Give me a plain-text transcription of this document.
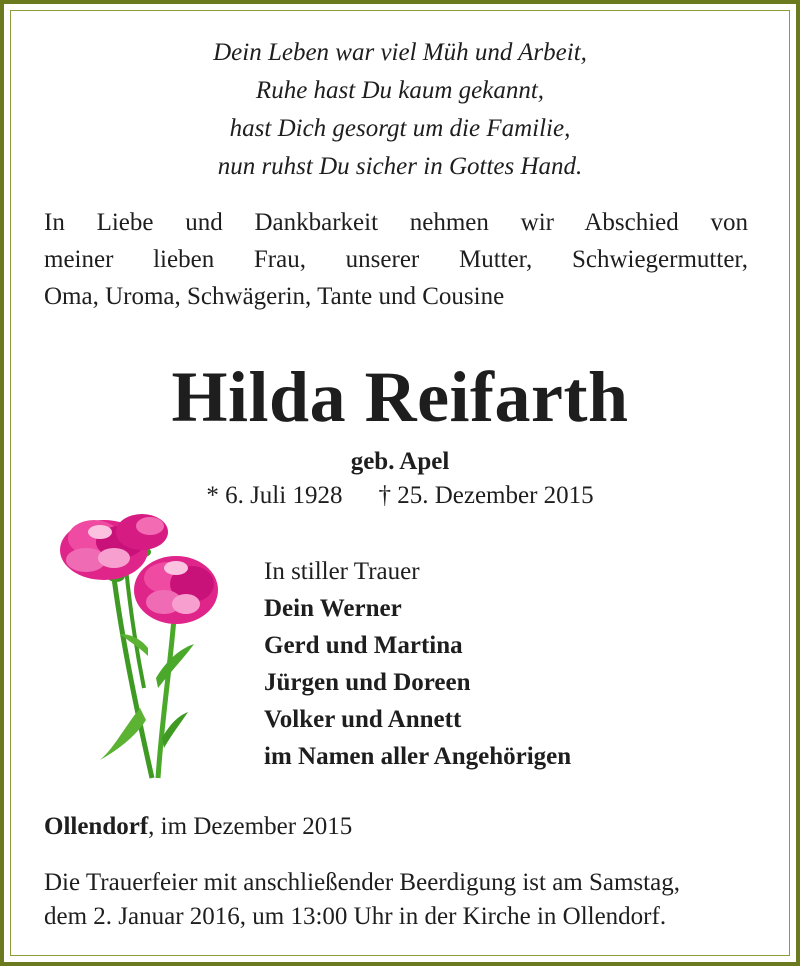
Dein Leben war viel Müh und Arbeit,
Ruhe hast Du kaum gekannt,
hast Dich gesorgt um die Familie,
nun ruhst Du sicher in Gottes Hand.
In Liebe und Dankbarkeit nehmen wir Abschied von
meiner lieben Frau, unserer Mutter, Schwiegermutter,
Oma, Uroma, Schwägerin, Tante und Cousine
Hilda Reifarth
geb. Apel
* 6. Juli 1928 † 25. Dezember 2015
In stiller Trauer
Dein Werner
Gerd und Martina
Jürgen und Doreen
Volker und Annett
im Namen aller Angehörigen
Ollendorf, im Dezember 2015
Die Trauerfeier mit anschließender Beerdigung ist am Samstag,
dem 2. Januar 2016, um 13:00 Uhr in der Kirche in Ollendorf.
